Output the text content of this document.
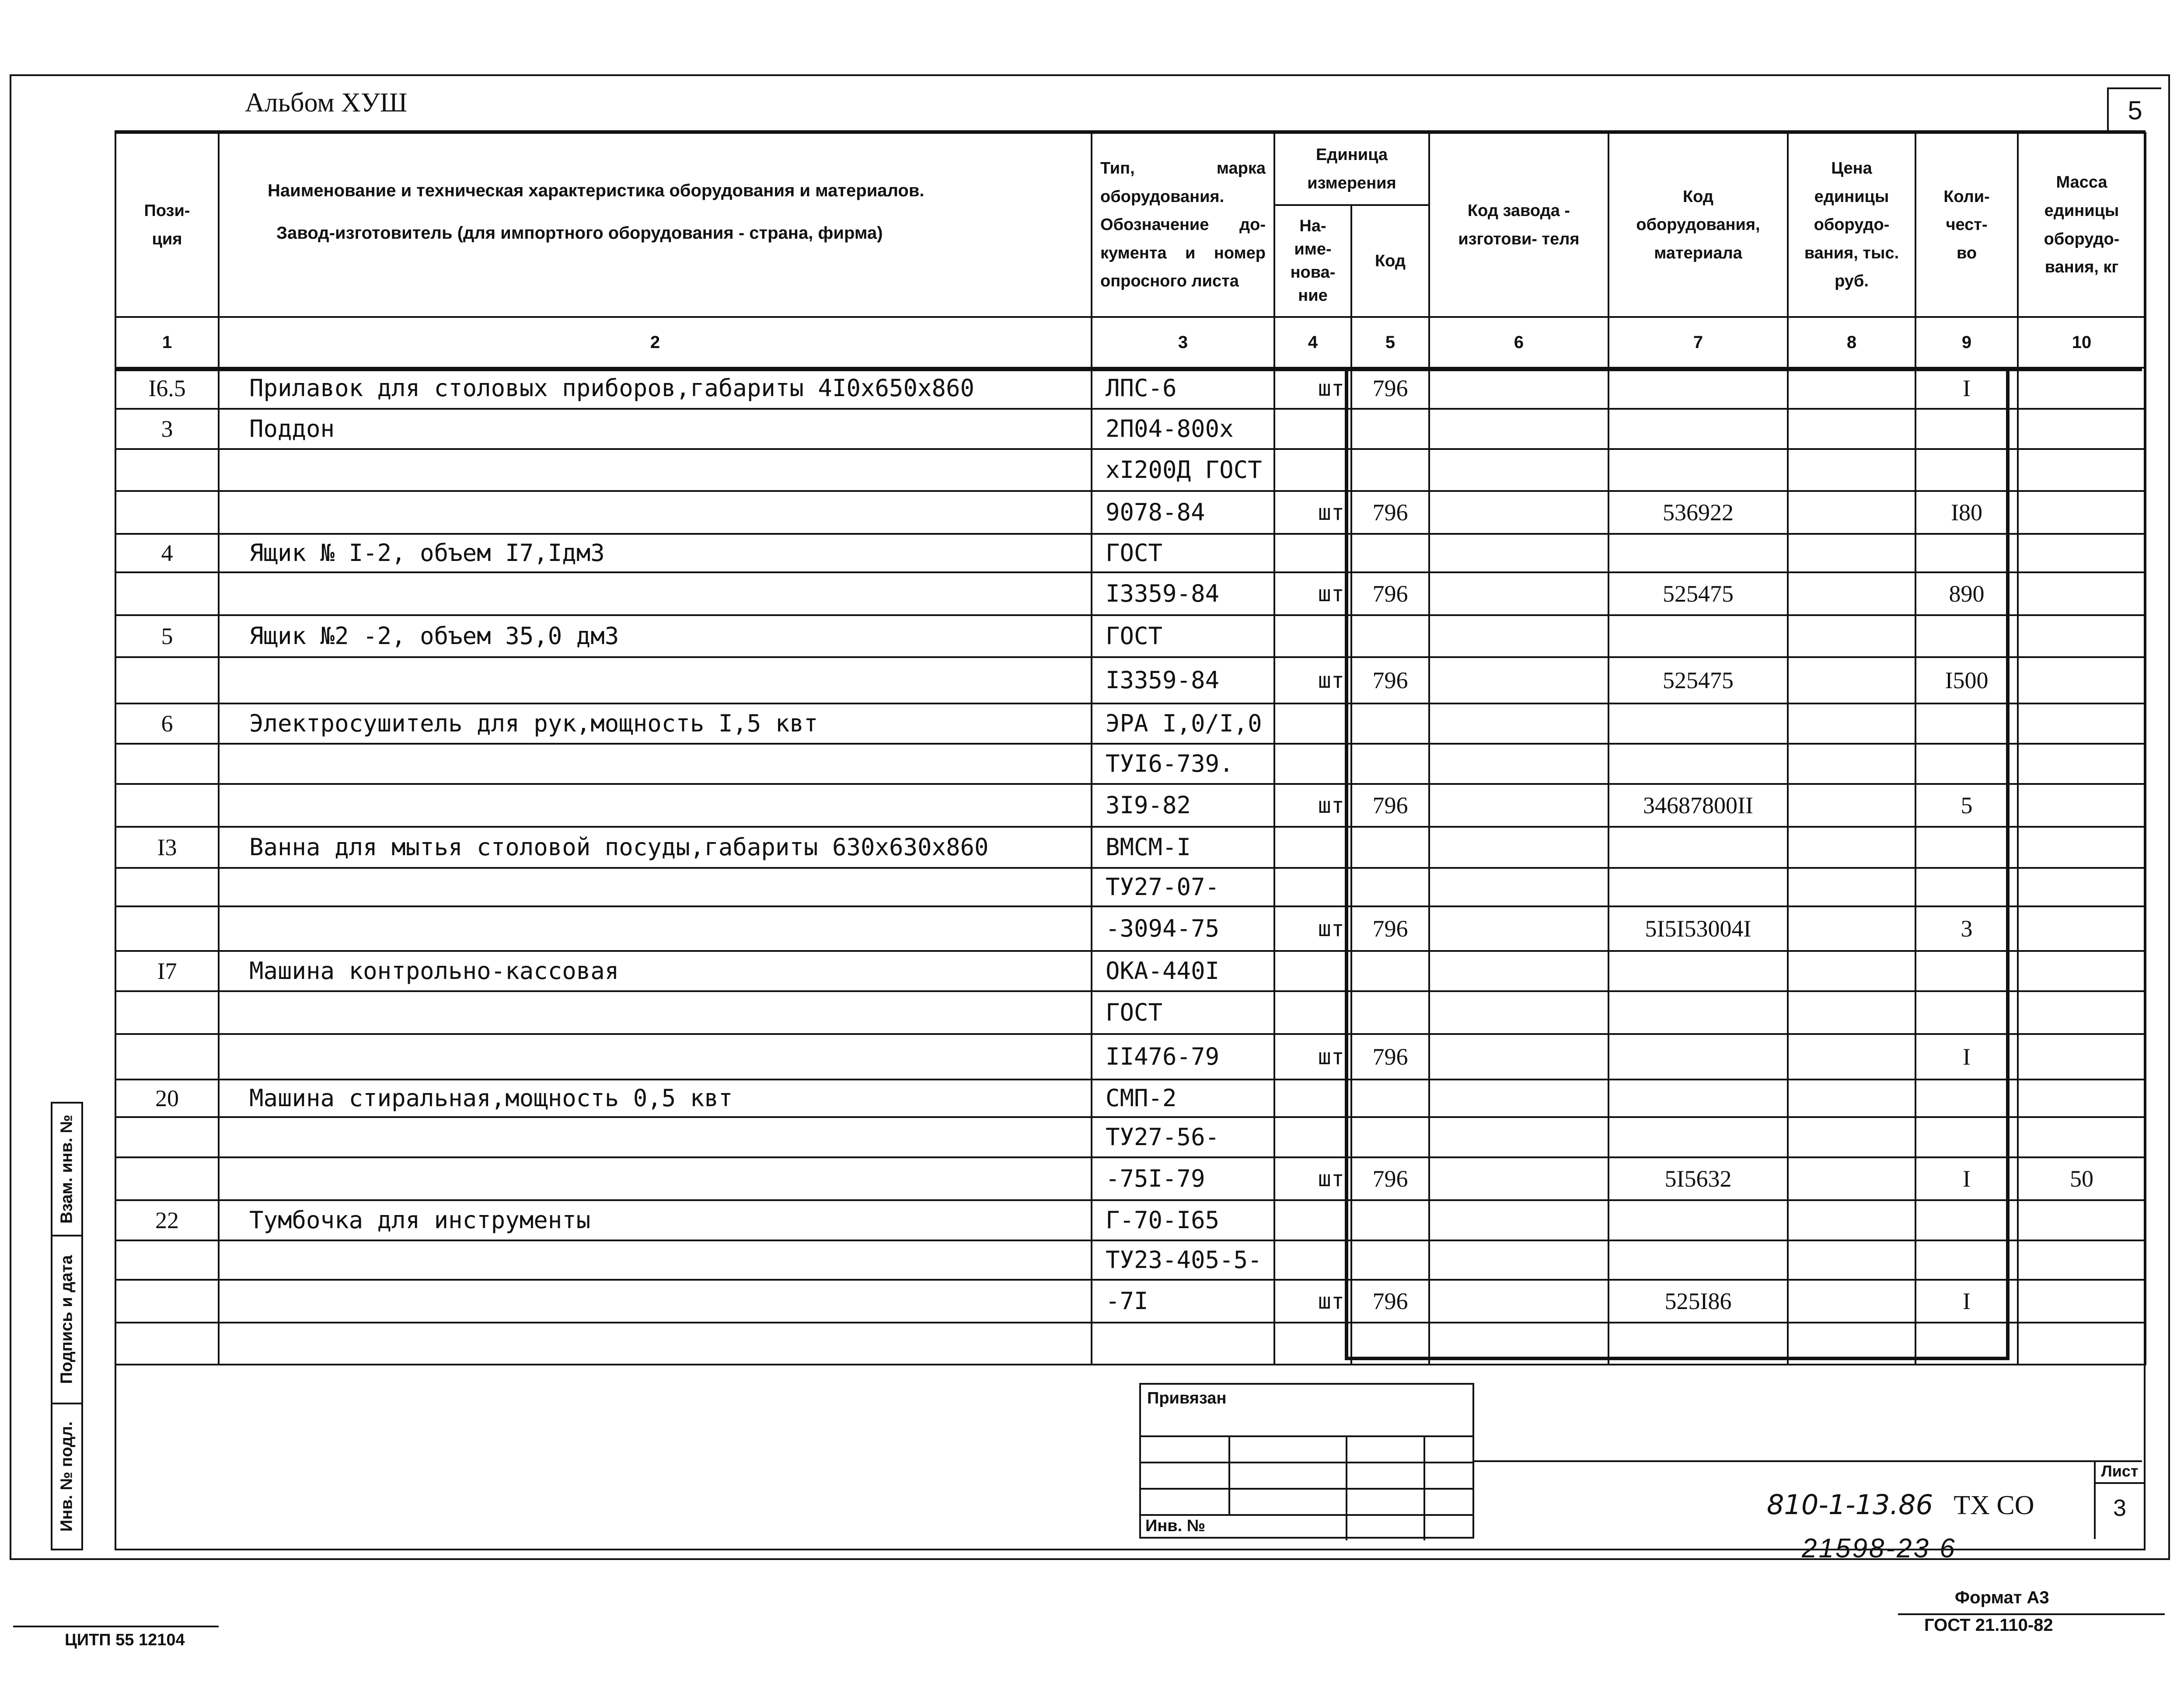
Альбом ХУШ	5
Пози- ция	Наименование и техническая характеристика оборудования и материалов.
Завод-изготовитель (для импортного оборудования - страна, фирма)	Тип, марка оборудования. Обозначение до- кумента и номер опросного листа	Единица измерения		Код завода - изготови- теля	Код оборудования, материала	Цена единицы оборудо- вания, тыс. руб.	Коли- чест- во	Масса единицы оборудо- вания, кг

			На- име- нова- ние	Код					

1	2	3	4	5	6	7	8	9	10
I6.5	Прилавок для столовых приборов,габариты 4I0х650х860	ЛПС-6	шт	796				I	
3	Поддон	2П04-800х							
		хI200Д ГОСТ							
		9078-84	шт	796		536922		I80	
4	Ящик № I-2, объем I7,Iдм3	ГОСТ							
		I3359-84	шт	796		525475		890	
5	Ящик №2 -2, объем 35,0 дм3	ГОСТ							
		I3359-84	шт	796		525475		I500	
6	Электросушитель для рук,мощность I,5 квт	ЭРА I,0/I,0							
		ТУI6-739.							
		3I9-82	шт	796		34687800II		5	
I3	Ванна для мытья столовой посуды,габариты 630х630х860	ВМСМ-I							
		ТУ27-07-							
		-3094-75	шт	796		5I5I53004I		3	
I7	Машина контрольно-кассовая	ОКА-440I							
		ГОСТ							
		II476-79	шт	796				I	
20	Машина стиральная,мощность 0,5 квт	СМП-2							
		ТУ27-56-							
		-75I-79	шт	796		5I5632		I	50
22	Тумбочка для инструменты	Г-70-I65							
		ТУ23-405-5-							
		-7I	шт	796		525I86		I	

Взам. инв. №
Подпись и дата
Инв. № подл.
Привязан
Инв. №
Лист
3
810-1-13.86 ТХ СО
21598-23 6
Формат A3
ГОСТ 21.110-82
ЦИТП 55 12104
